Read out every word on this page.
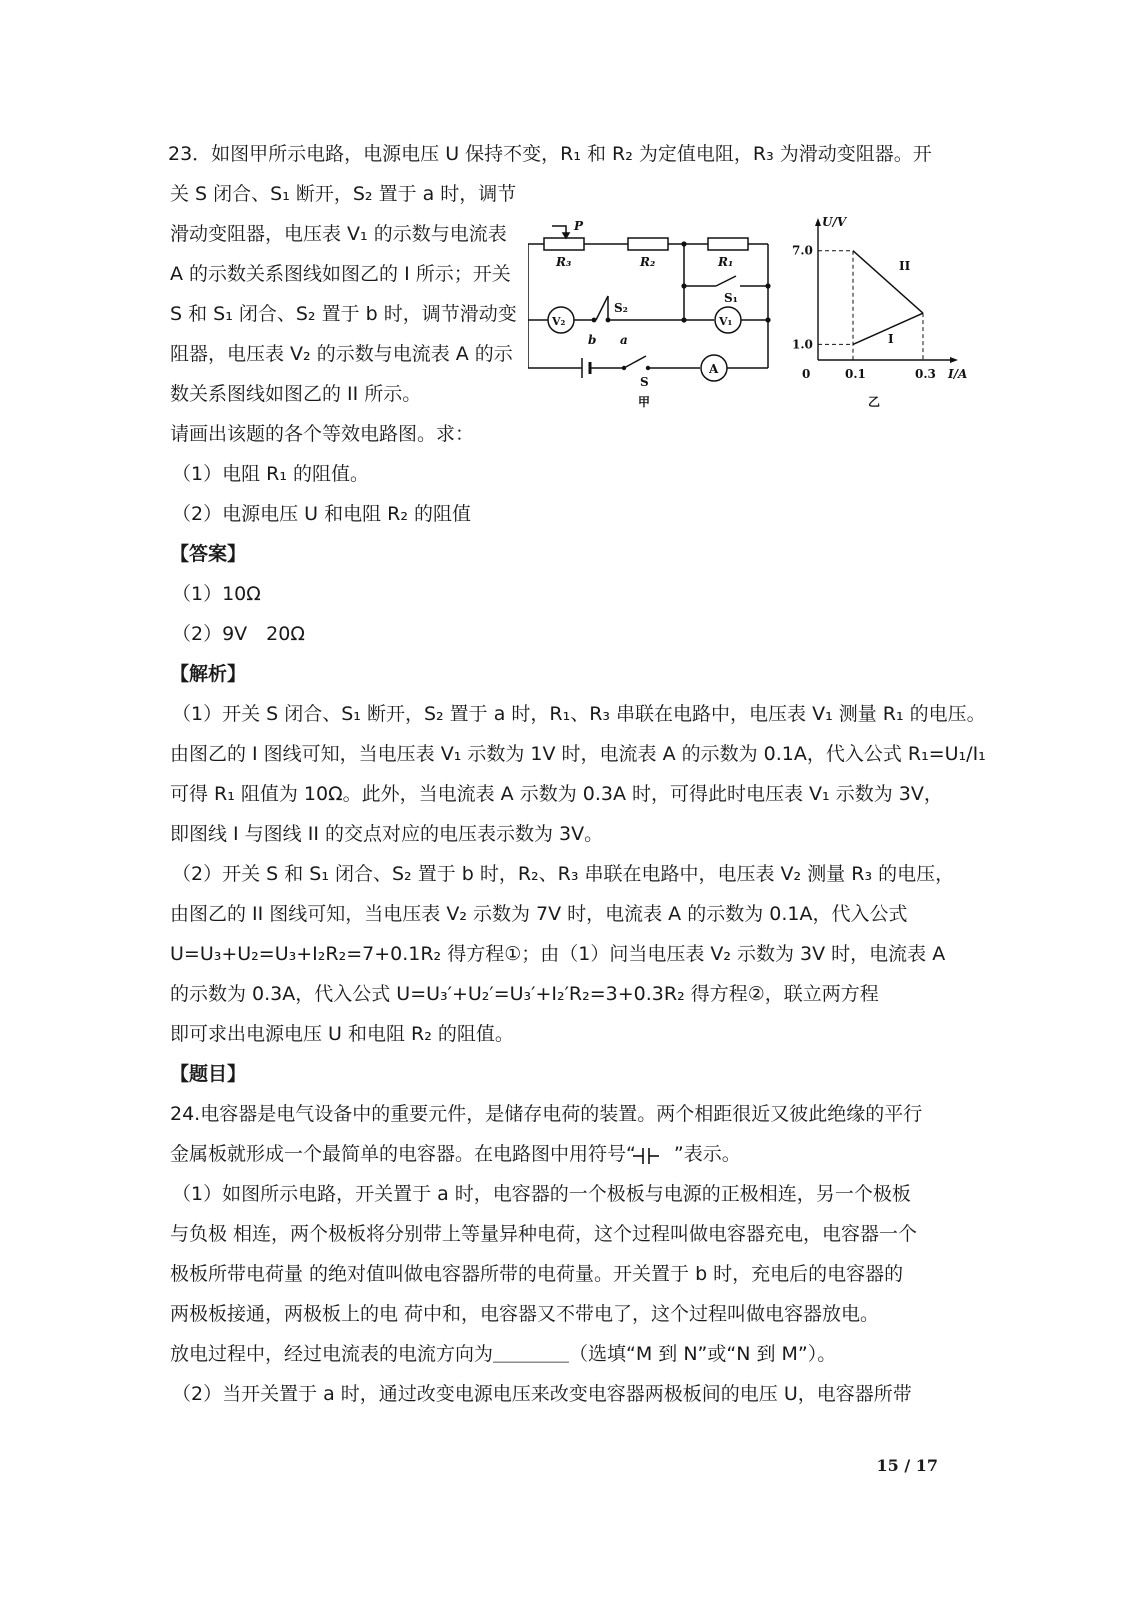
23．如图甲所示电路，电源电压 U 保持不变，R₁ 和 R₂ 为定值电阻，R₃ 为滑动变阻器。开
关 S 闭合、S₁ 断开，S₂ 置于 a 时，调节
滑动变阻器，电压表 V₁ 的示数与电流表
A 的示数关系图线如图乙的 I 所示；开关
S 和 S₁ 闭合、S₂ 置于 b 时，调节滑动变
阻器，电压表 V₂ 的示数与电流表 A 的示
数关系图线如图乙的 II 所示。
请画出该题的各个等效电路图。求：
（1）电阻 R₁ 的阻值。
（2）电源电压 U 和电阻 R₂ 的阻值
【答案】
（1）10Ω
（2）9V　20Ω
【解析】
（1）开关 S 闭合、S₁ 断开，S₂ 置于 a 时，R₁、R₃ 串联在电路中，电压表 V₁ 测量 R₁ 的电压。
由图乙的 I 图线可知，当电压表 V₁ 示数为 1V 时，电流表 A 的示数为 0.1A，代入公式 R₁=U₁/I₁
可得 R₁ 阻值为 10Ω。此外，当电流表 A 示数为 0.3A 时，可得此时电压表 V₁ 示数为 3V，
即图线 I 与图线 II 的交点对应的电压表示数为 3V。
（2）开关 S 和 S₁ 闭合、S₂ 置于 b 时，R₂、R₃ 串联在电路中，电压表 V₂ 测量 R₃ 的电压，
由图乙的 II 图线可知，当电压表 V₂ 示数为 7V 时，电流表 A 的示数为 0.1A，代入公式
U=U₃+U₂=U₃+I₂R₂=7+0.1R₂ 得方程①；由（1）问当电压表 V₂ 示数为 3V 时，电流表 A
的示数为 0.3A，代入公式 U=U₃′+U₂′=U₃′+I₂′R₂=3+0.3R₂ 得方程②，联立两方程
即可求出电源电压 U 和电阻 R₂ 的阻值。
【题目】
24.电容器是电气设备中的重要元件，是储存电荷的装置。两个相距很近又彼此绝缘的平行
金属板就形成一个最简单的电容器。在电路图中用符号“　　”表示。
（1）如图所示电路，开关置于 a 时，电容器的一个极板与电源的正极相连，另一个极板
与负极 相连，两个极板将分别带上等量异种电荷，这个过程叫做电容器充电，电容器一个
极板所带电荷量 的绝对值叫做电容器所带的电荷量。开关置于 b 时，充电后的电容器的
两极板接通，两极板上的电 荷中和，电容器又不带电了，这个过程叫做电容器放电。
放电过程中，经过电流表的电流方向为＿＿＿＿（选填“M 到 N”或“N 到 M”）。
（2）当开关置于 a 时，通过改变电源电压来改变电容器两极板间的电压 U，电容器所带
P
R₃	R₂	R₁
S₁
S₂
V₁
V₂
A
S
a
b
甲
I
II
0.1	0.3
7.0
1.0
0	I/A
U/V
乙
15 / 17
